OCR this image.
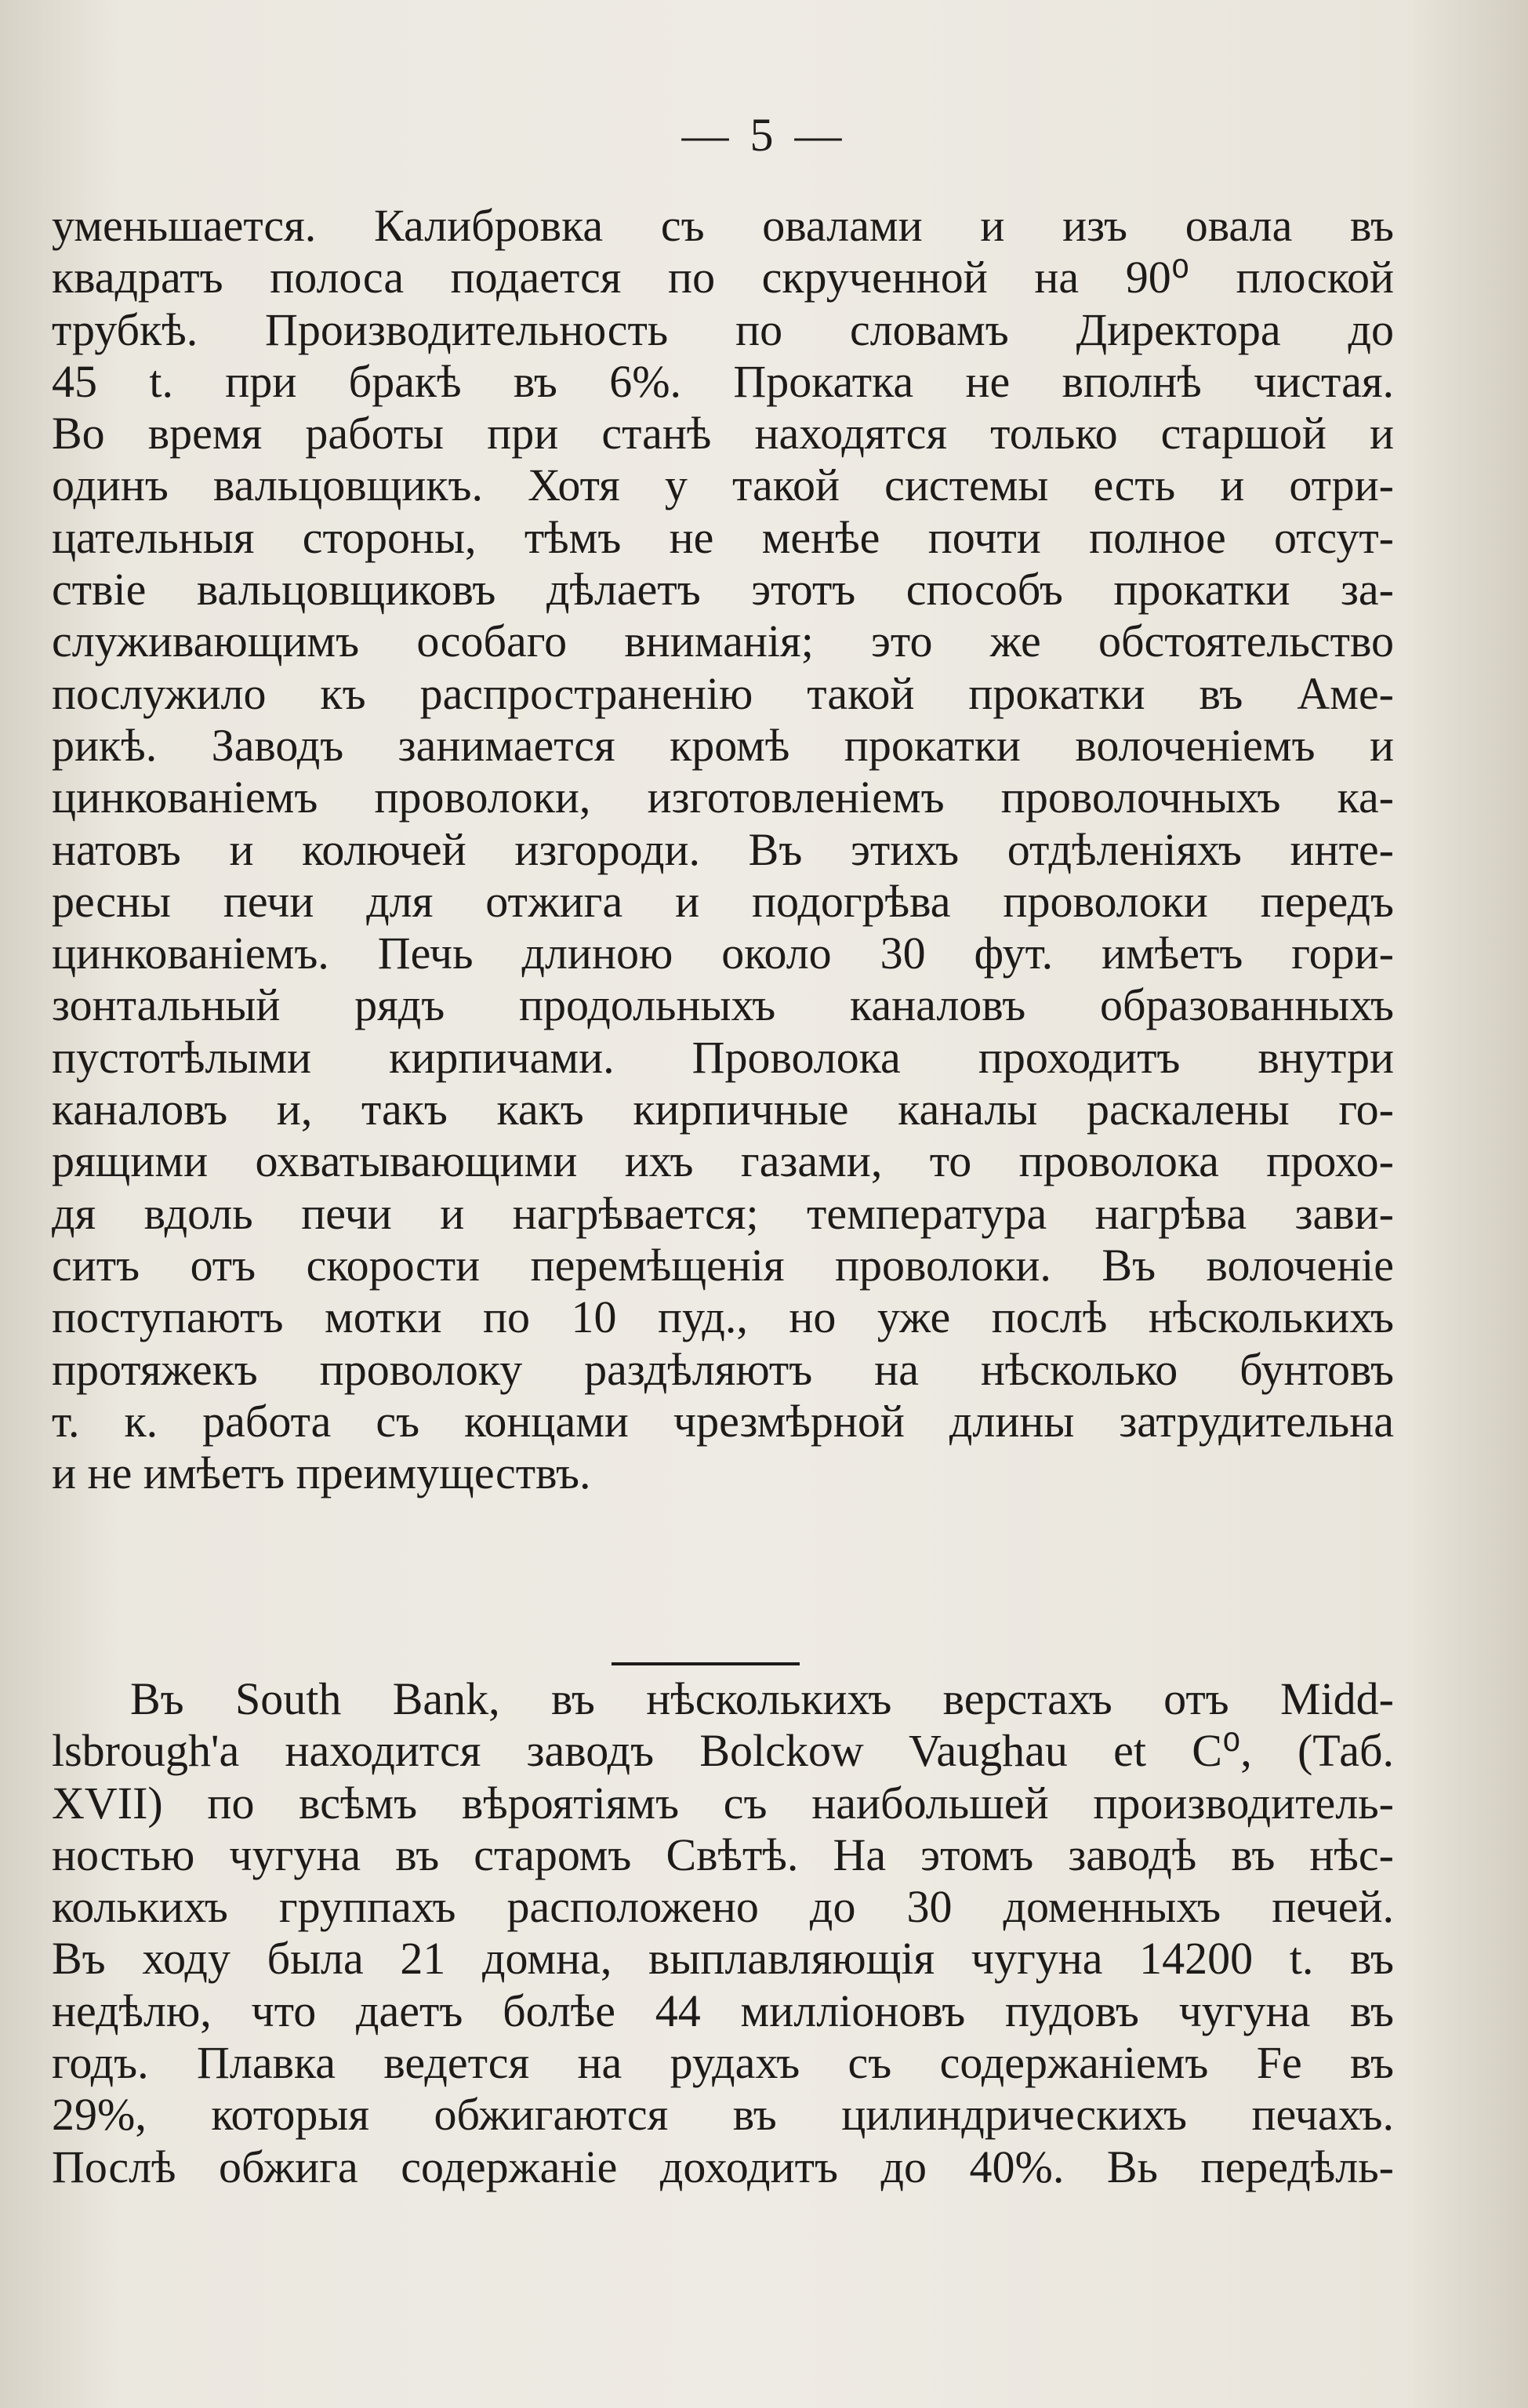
— 5 —
уменьшается. Калибровка съ овалами и изъ овала въ
квадратъ полоса подается по скрученной на 90⁰ плоской
трубкѣ. Производительность по словамъ Директора до
45 t. при бракѣ въ 6%. Прокатка не вполнѣ чистая.
Во время работы при станѣ находятся только старшой и
одинъ вальцовщикъ. Хотя у такой системы есть и отри-
цательныя стороны, тѣмъ не менѣе почти полное отсут-
ствіе вальцовщиковъ дѣлаетъ этотъ способъ прокатки за-
служивающимъ особаго вниманія; это же обстоятельство
послужило къ распространенію такой прокатки въ Аме-
рикѣ. Заводъ занимается кромѣ прокатки волоченіемъ и
цинкованіемъ проволоки, изготовленіемъ проволочныхъ ка-
натовъ и колючей изгороди. Въ этихъ отдѣленіяхъ инте-
ресны печи для отжига и подогрѣва проволоки передъ
цинкованіемъ. Печь длиною около 30 фут. имѣетъ гори-
зонтальный рядъ продольныхъ каналовъ образованныхъ
пустотѣлыми кирпичами. Проволока проходитъ внутри
каналовъ и, такъ какъ кирпичные каналы раскалены го-
рящими охватывающими ихъ газами, то проволока прохо-
дя вдоль печи и нагрѣвается; температура нагрѣва зави-
ситъ отъ скорости перемѣщенія проволоки. Въ волоченіе
поступаютъ мотки по 10 пуд., но уже послѣ нѣсколькихъ
протяжекъ проволоку раздѣляютъ на нѣсколько бунтовъ
т. к. работа съ концами чрезмѣрной длины затрудительна
и не имѣетъ преимуществъ.
Въ South Bank, въ нѣсколькихъ верстахъ отъ Midd-
lsbrough'a находится заводъ Bolckow Vaughau et C⁰, (Таб.
XVII) по всѣмъ вѣроятіямъ съ наибольшей производитель-
ностью чугуна въ старомъ Свѣтѣ. На этомъ заводѣ въ нѣс-
колькихъ группахъ расположено до 30 доменныхъ печей.
Въ ходу была 21 домна, выплавляющія чугуна 14200 t. въ
недѣлю, что даетъ болѣе 44 милліоновъ пудовъ чугуна въ
годъ. Плавка ведется на рудахъ съ содержаніемъ Fe въ
29%, которыя обжигаются въ цилиндрическихъ печахъ.
Послѣ обжига содержаніе доходитъ до 40%. Вь передѣль-
